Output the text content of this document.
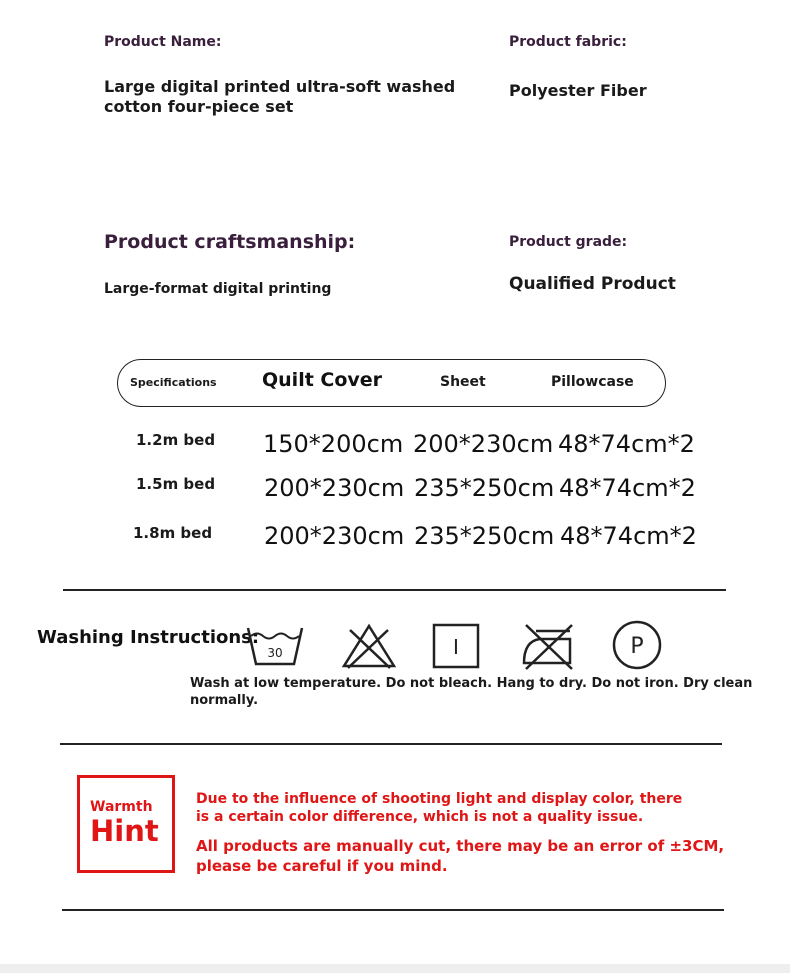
Product Name:
Large digital printed ultra-soft washed
cotton four-piece set
Product fabric:
Polyester Fiber
Product craftsmanship:
Large-format digital printing
Product grade:
Qualified Product
Specifications Quilt Cover	Sheet	Pillowcase
1.2m bed 150*200cm 200*230cm 48*74cm*2
1.5m bed 200*230cm 235*250cm 48*74cm*2
1.8m bed 200*230cm 235*250cm 48*74cm*2
Washing Instructions:
30	I	P
Wash at low temperature. Do not bleach. Hang to dry. Do not iron. Dry clean
normally.
Warmth
Hint
Due to the influence of shooting light and display color, there
is a certain color difference, which is not a quality issue.
All products are manually cut, there may be an error of ±3CM,
please be careful if you mind.
